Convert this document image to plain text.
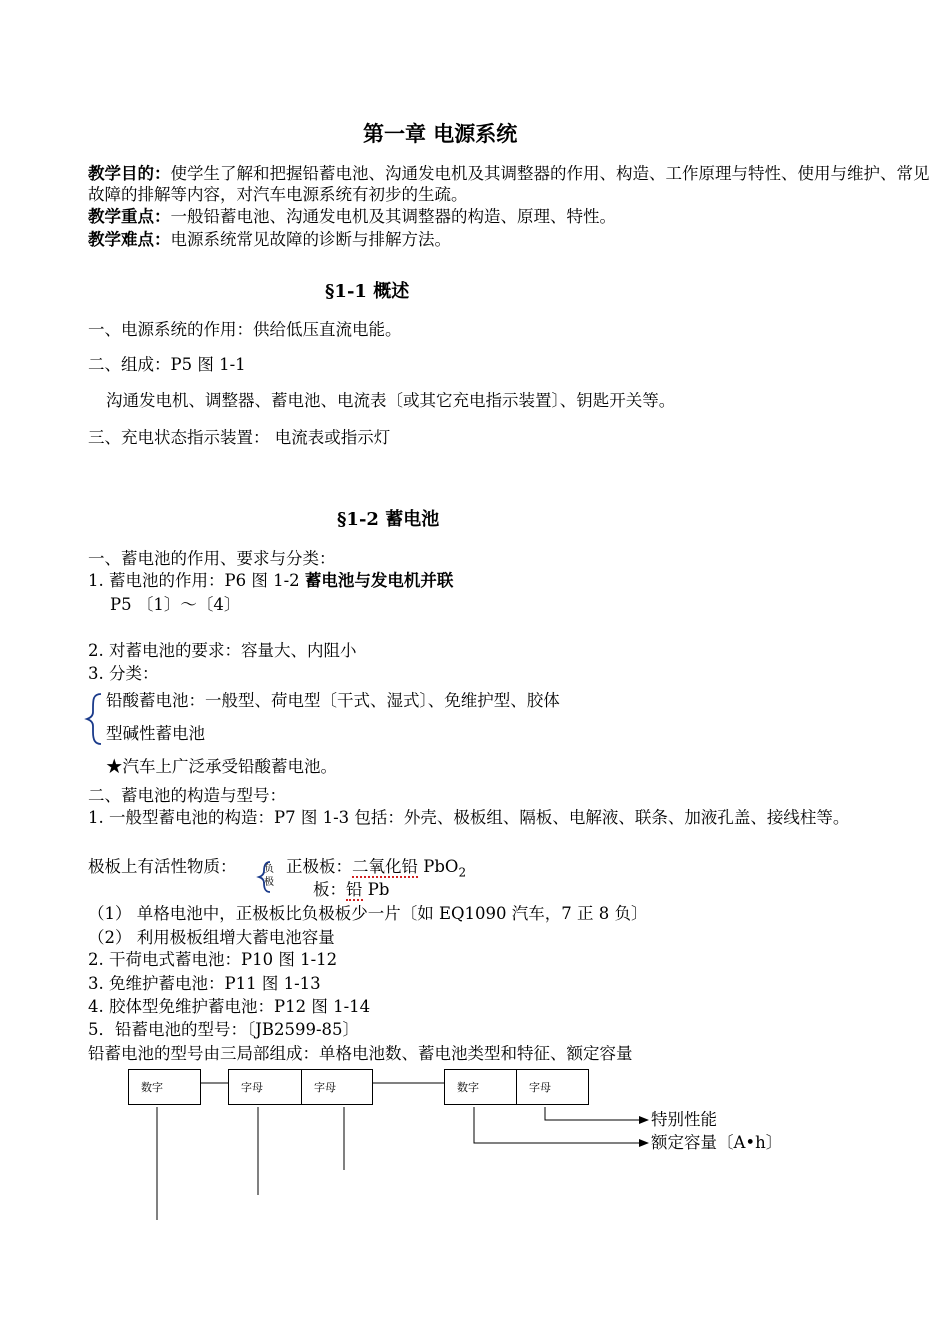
第一章 电源系统
教学目的：使学生了解和把握铅蓄电池、沟通发电机及其调整器的作用、构造、工作原理与特性、使用与维护、常见故障的排解等内容，对汽车电源系统有初步的生疏。
教学重点：一般铅蓄电池、沟通发电机及其调整器的构造、原理、特性。
教学难点：电源系统常见故障的诊断与排解方法。
§1-1 概述
一、电源系统的作用：供给低压直流电能。
二、组成：P5 图 1-1
沟通发电机、调整器、蓄电池、电流表〔或其它充电指示装置〕、钥匙开关等。
三、充电状态指示装置： 电流表或指示灯
§1-2 蓄电池
一、蓄电池的作用、要求与分类：
1. 蓄电池的作用：P6 图 1-2 蓄电池与发电机并联
P5 〔1〕～〔4〕
2. 对蓄电池的要求：容量大、内阻小
3. 分类：
铅酸蓄电池：一般型、荷电型〔干式、湿式〕、免维护型、胶体
型碱性蓄电池
★汽车上广泛承受铅酸蓄电池。
二、蓄电池的构造与型号：
1. 一般型蓄电池的构造：P7 图 1-3 包括：外壳、极板组、隔板、电解液、联条、加液孔盖、接线柱等。
极板上有活性物质：	负极
正极板：二氧化铅 PbO$_2$
板：铅 Pb
（1） 单格电池中，正极板比负极板少一片〔如 EQ1090 汽车，7 正 8 负〕
（2） 利用极板组增大蓄电池容量
2. 干荷电式蓄电池：P10 图 1-12
3. 免维护蓄电池：P11 图 1-13
4. 胶体型免维护蓄电池：P12 图 1-14
5．铅蓄电池的型号：〔JB2599-85〕
铅蓄电池的型号由三局部组成：单格电池数、蓄电池类型和特征、额定容量
数字	字母	字母	数字	字母
特别性能
额定容量〔A•h〕
